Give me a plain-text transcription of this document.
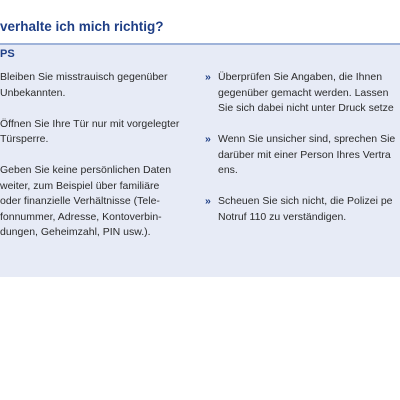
verhalte ich mich richtig?
PS
Bleiben Sie misstrauisch gegenüber
Unbekannten.
Öffnen Sie Ihre Tür nur mit vorgelegter
Türsperre.
Geben Sie keine persönlichen Daten
weiter, zum Beispiel über familiäre
oder finanzielle Verhältnisse (Tele-
fonnummer, Adresse, Kontoverbin-
dungen, Geheimzahl, PIN usw.).
» Überprüfen Sie Angaben, die Ihnen
gegenüber gemacht werden. Lassen
Sie sich dabei nicht unter Druck setze
» Wenn Sie unsicher sind, sprechen Sie
darüber mit einer Person Ihres Vertra
ens.
» Scheuen Sie sich nicht, die Polizei pe
Notruf 110 zu verständigen.
